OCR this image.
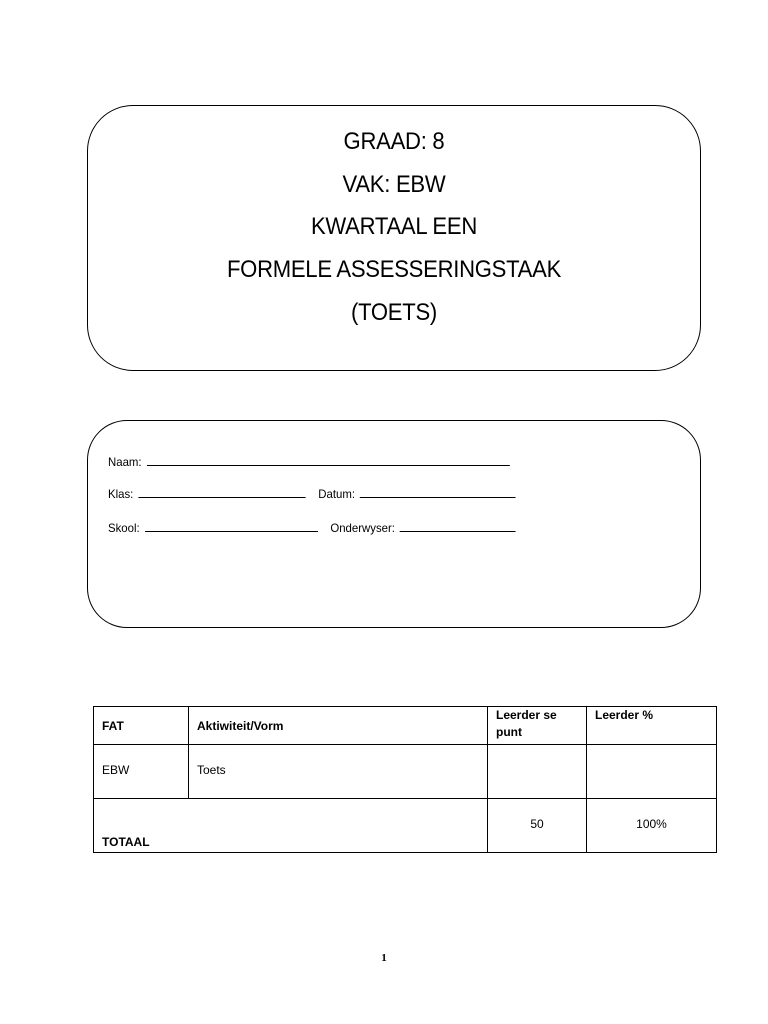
GRAAD: 8
VAK: EBW
KWARTAAL EEN
FORMELE ASSESSERINGSTAAK
(TOETS)
Naam:
Klas:	Datum:
Skool:	Onderwyser:
FAT	Aktiwiteit/Vorm	Leerder se punt	Leerder %
EBW	Toets		
TOTAAL		50	100%
1
